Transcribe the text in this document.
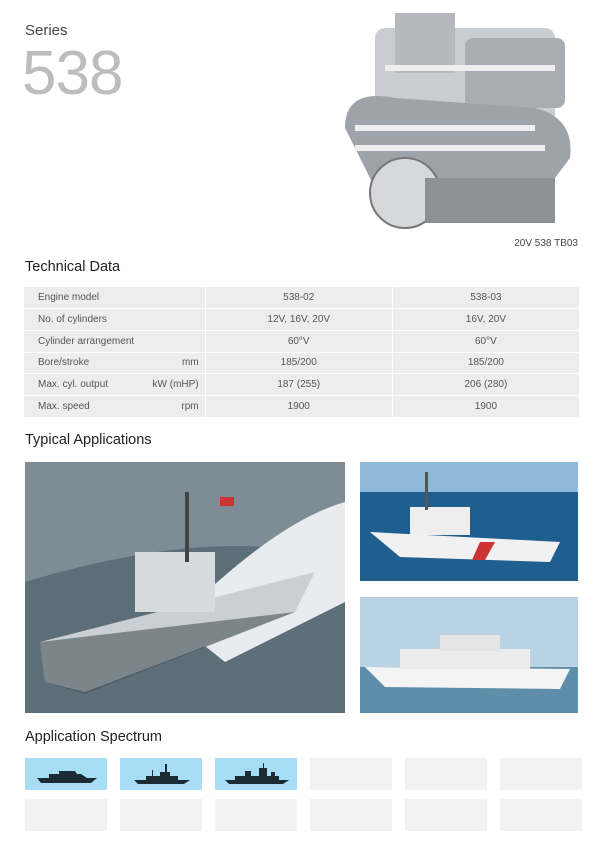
Series
538
20V 538 TB03
Technical Data
Engine model		538-02	538-03
No. of cylinders		12V, 16V, 20V	16V, 20V
Cylinder arrangement		60°V	60°V
Bore/stroke	mm	185/200	185/200
Max. cyl. output	kW (mHP)	187 (255)	206 (280)
Max. speed	rpm	1900	1900
Typical Applications
Application Spectrum
